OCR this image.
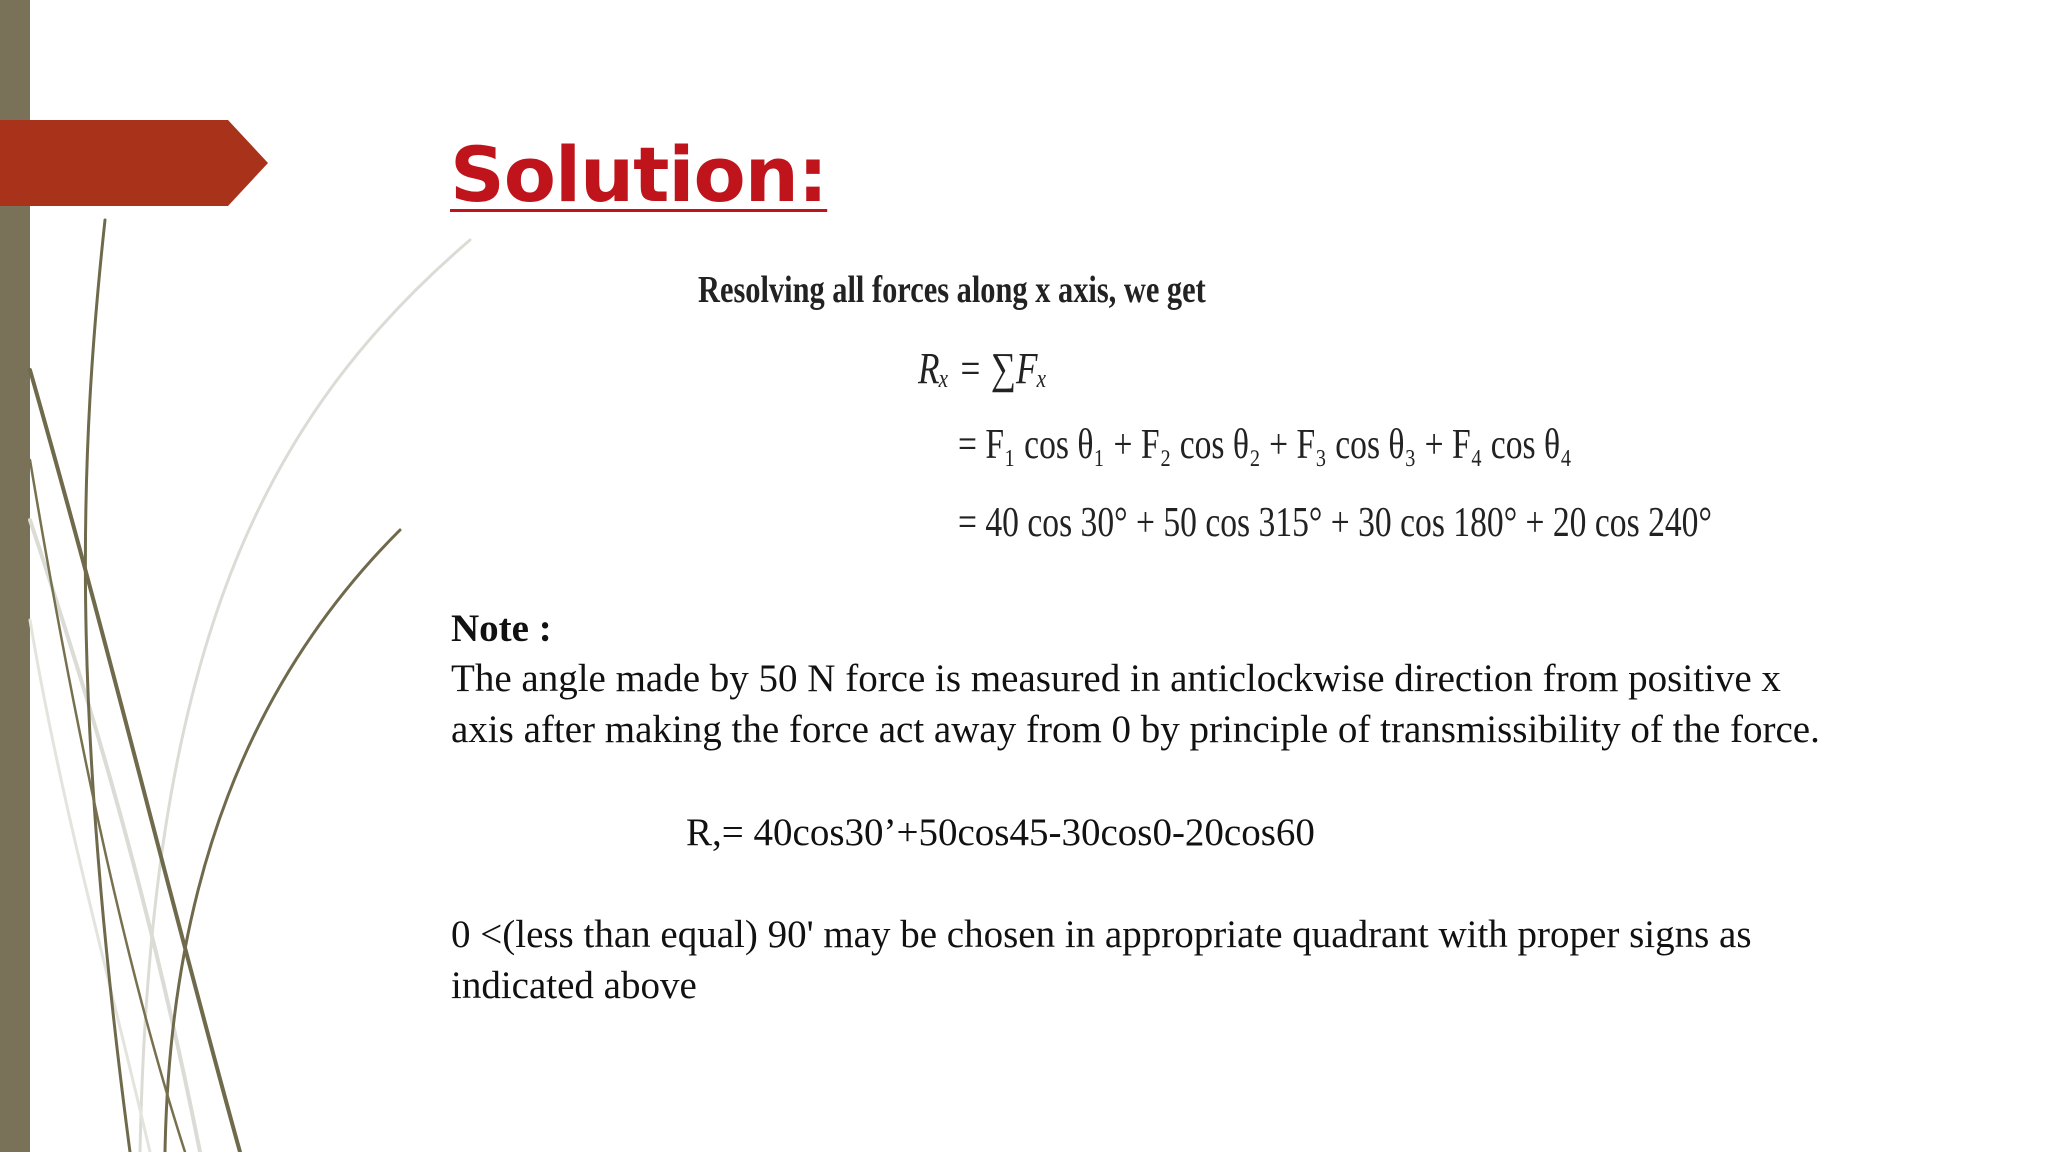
Solution:
Resolving all forces along x axis, we get
Rₓ = ∑Fₓ
= F₁ cos θ₁ + F₂ cos θ₂ + F₃ cos θ₃ + F₄ cos θ₄
= 40 cos 30° + 50 cos 315° + 30 cos 180° + 20 cos 240°
Note :
The angle made by 50 N force is measured in anticlockwise direction from positive x
axis after making the force act away from 0 by principle of transmissibility of the force.
R,= 40cos30’+50cos45-30cos0-20cos60
0 <(less than equal) 90' may be chosen in appropriate quadrant with proper signs as
indicated above
